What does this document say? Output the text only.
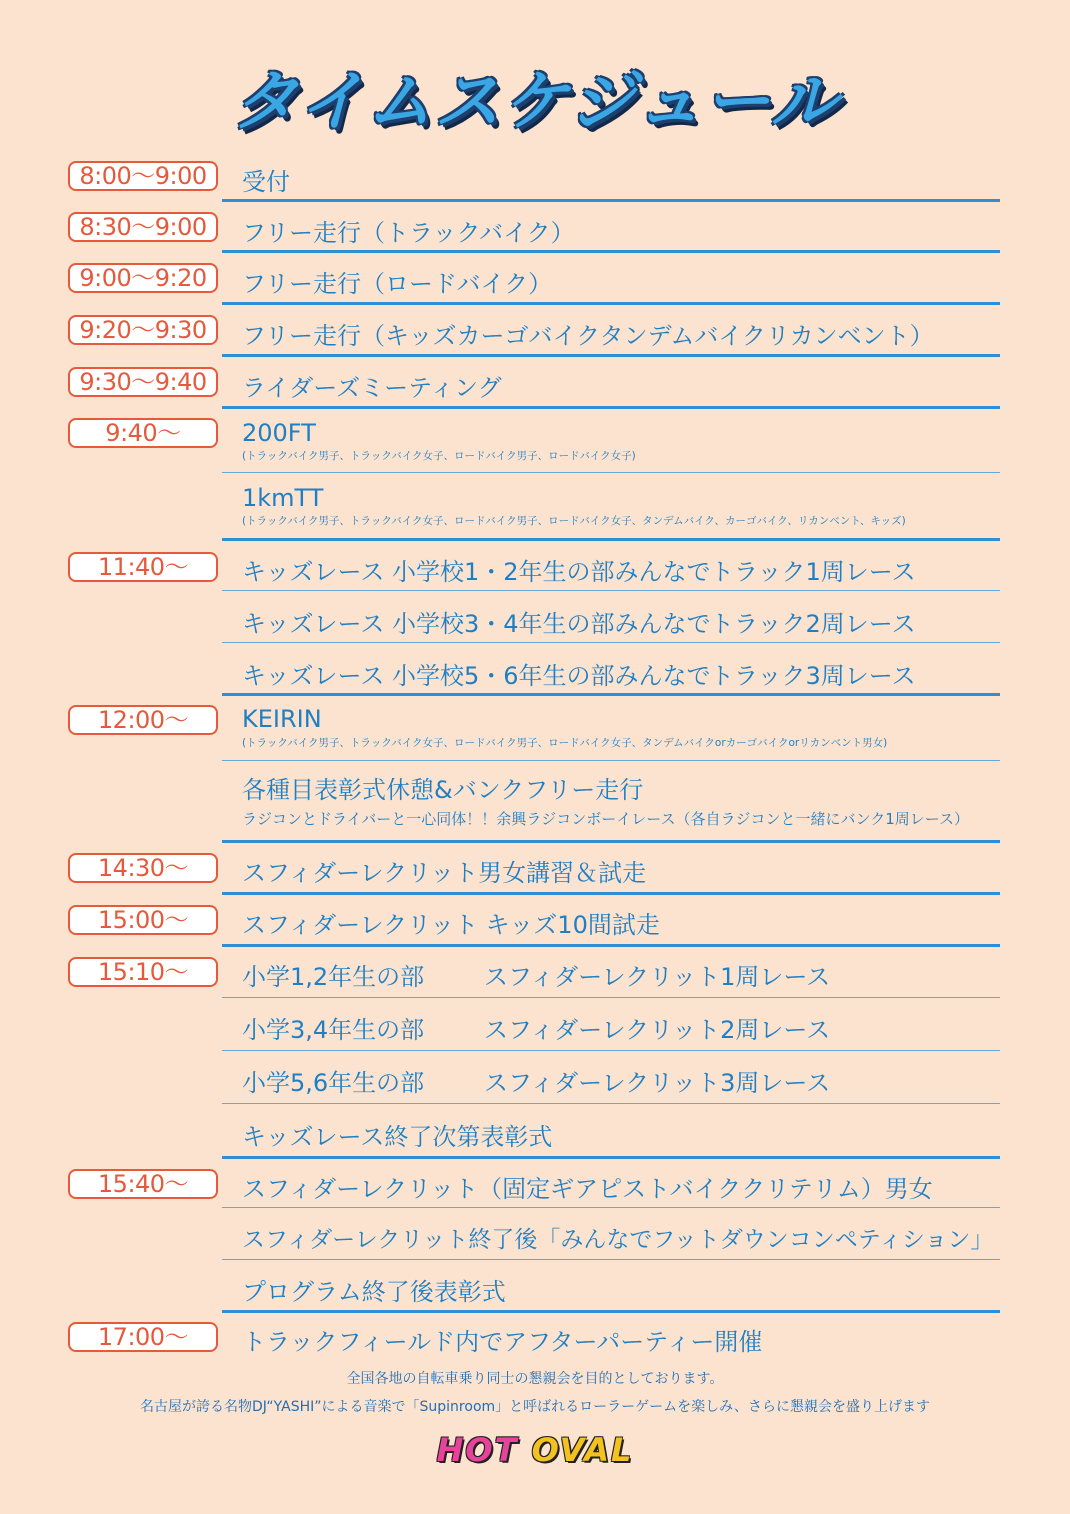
タイムスケジュール
8:00〜9:00	受付
8:30〜9:00	フリー走行（トラックバイク）
9:00〜9:20	フリー走行（ロードバイク）
9:20〜9:30	フリー走行（キッズカーゴバイクタンデムバイクリカンベント）
9:30〜9:40	ライダーズミーティング
9:40〜	200FT
(トラックバイク男子、トラックバイク女子、ロードバイク男子、ロードバイク女子)
1kmTT
(トラックバイク男子、トラックバイク女子、ロードバイク男子、ロードバイク女子、タンデムバイク、カーゴバイク、リカンベント、キッズ)
11:40〜	キッズレース 小学校1・2年生の部みんなでトラック1周レース
キッズレース 小学校3・4年生の部みんなでトラック2周レース
キッズレース 小学校5・6年生の部みんなでトラック3周レース
12:00〜	KEIRIN
(トラックバイク男子、トラックバイク女子、ロードバイク男子、ロードバイク女子、タンデムバイクorカーゴバイクorリカンベント男女)
各種目表彰式休憩&バンクフリー走行
ラジコンとドライバーと一心同体！！余興ラジコンボーイレース（各自ラジコンと一緒にバンク1周レース）
14:30〜	スフィダーレクリット男女講習＆試走
15:00〜	スフィダーレクリット キッズ10間試走
15:10〜	小学1,2年生の部 スフィダーレクリット1周レース
小学3,4年生の部 スフィダーレクリット2周レース
小学5,6年生の部 スフィダーレクリット3周レース
キッズレース終了次第表彰式
15:40〜	スフィダーレクリット（固定ギアピストバイククリテリム）男女
スフィダーレクリット終了後「みんなでフットダウンコンペティション」
プログラム終了後表彰式
17:00〜	トラックフィールド内でアフターパーティー開催
全国各地の自転車乗り同士の懇親会を目的としております。
名古屋が誇る名物DJ“YASHI”による音楽で「Supinroom」と呼ばれるローラーゲームを楽しみ、さらに懇親会を盛り上げます
HOT OVAL
